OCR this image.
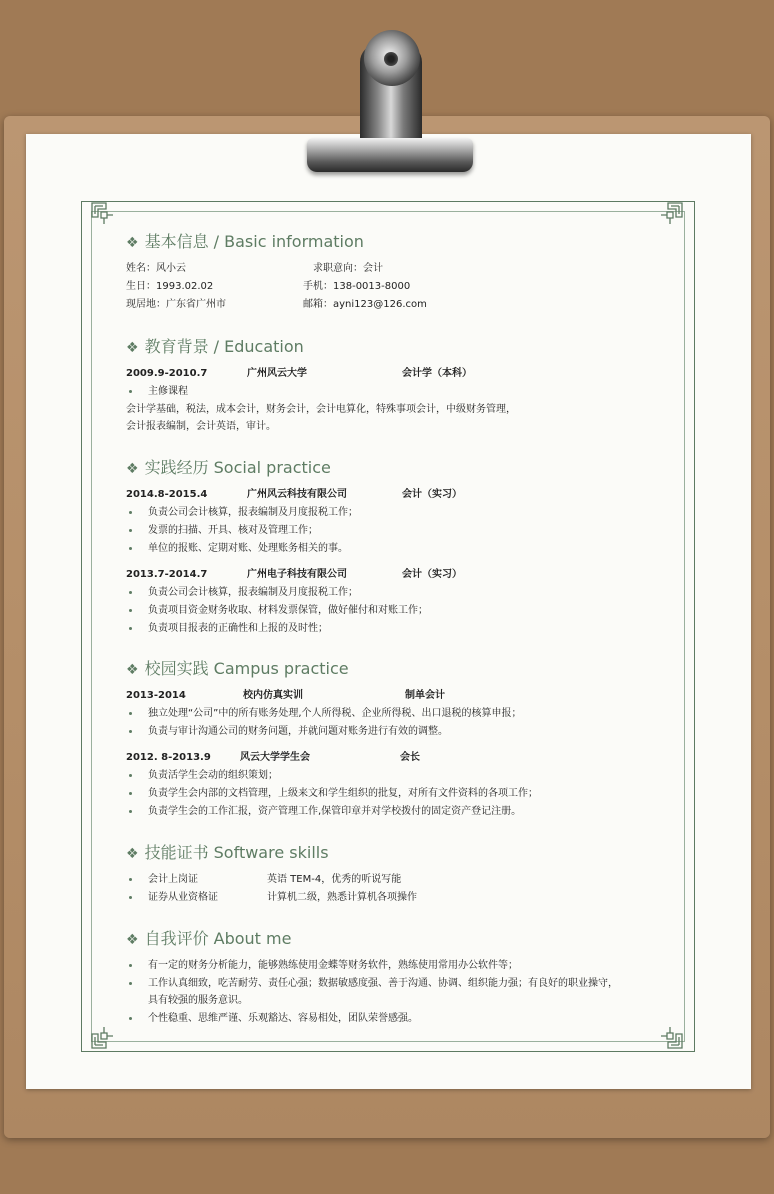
❖ 基本信息 / Basic information
姓名：风小云	求职意向：会计
生日：1993.02.02	手机：138-0013-8000
现居地：广东省广州市	邮箱：ayni123@126.com
❖ 教育背景 / Education
2009.9-2010.7	广州风云大学	会计学（本科）
主修课程
会计学基础，税法，成本会计，财务会计，会计电算化，特殊事项会计，中级财务管理，
会计报表编制，会计英语，审计。
❖ 实践经历 Social practice
2014.8-2015.4	广州风云科技有限公司	会计（实习）
负责公司会计核算，报表编制及月度报税工作；
发票的扫描、开具、核对及管理工作；
单位的报账、定期对账、处理账务相关的事。
2013.7-2014.7	广州电子科技有限公司	会计（实习）
负责公司会计核算，报表编制及月度报税工作；
负责项目资金财务收取、材料发票保管，做好催付和对账工作；
负责项目报表的正确性和上报的及时性；
❖ 校园实践 Campus practice
2013-2014	校内仿真实训	制单会计
独立处理“公司”中的所有账务处理,个人所得税、企业所得税、出口退税的核算申报；
负责与审计沟通公司的财务问题，并就问题对账务进行有效的调整。
2012. 8-2013.9	风云大学学生会	会长
负责活学生会动的组织策划；
负责学生会内部的文档管理，上级来文和学生组织的批复，对所有文件资料的各项工作；
负责学生会的工作汇报，资产管理工作,保管印章并对学校拨付的固定资产登记注册。
❖ 技能证书 Software skills
会计上岗证	英语 TEM-4，优秀的听说写能
证券从业资格证	计算机二级，熟悉计算机各项操作
❖ 自我评价 About me
有一定的财务分析能力，能够熟练使用金蝶等财务软件，熟练使用常用办公软件等；
工作认真细致，吃苦耐劳、责任心强；数据敏感度强、善于沟通、协调、组织能力强；有良好的职业操守，
具有较强的服务意识。
个性稳重、思维严谨、乐观豁达、容易相处，团队荣誉感强。
